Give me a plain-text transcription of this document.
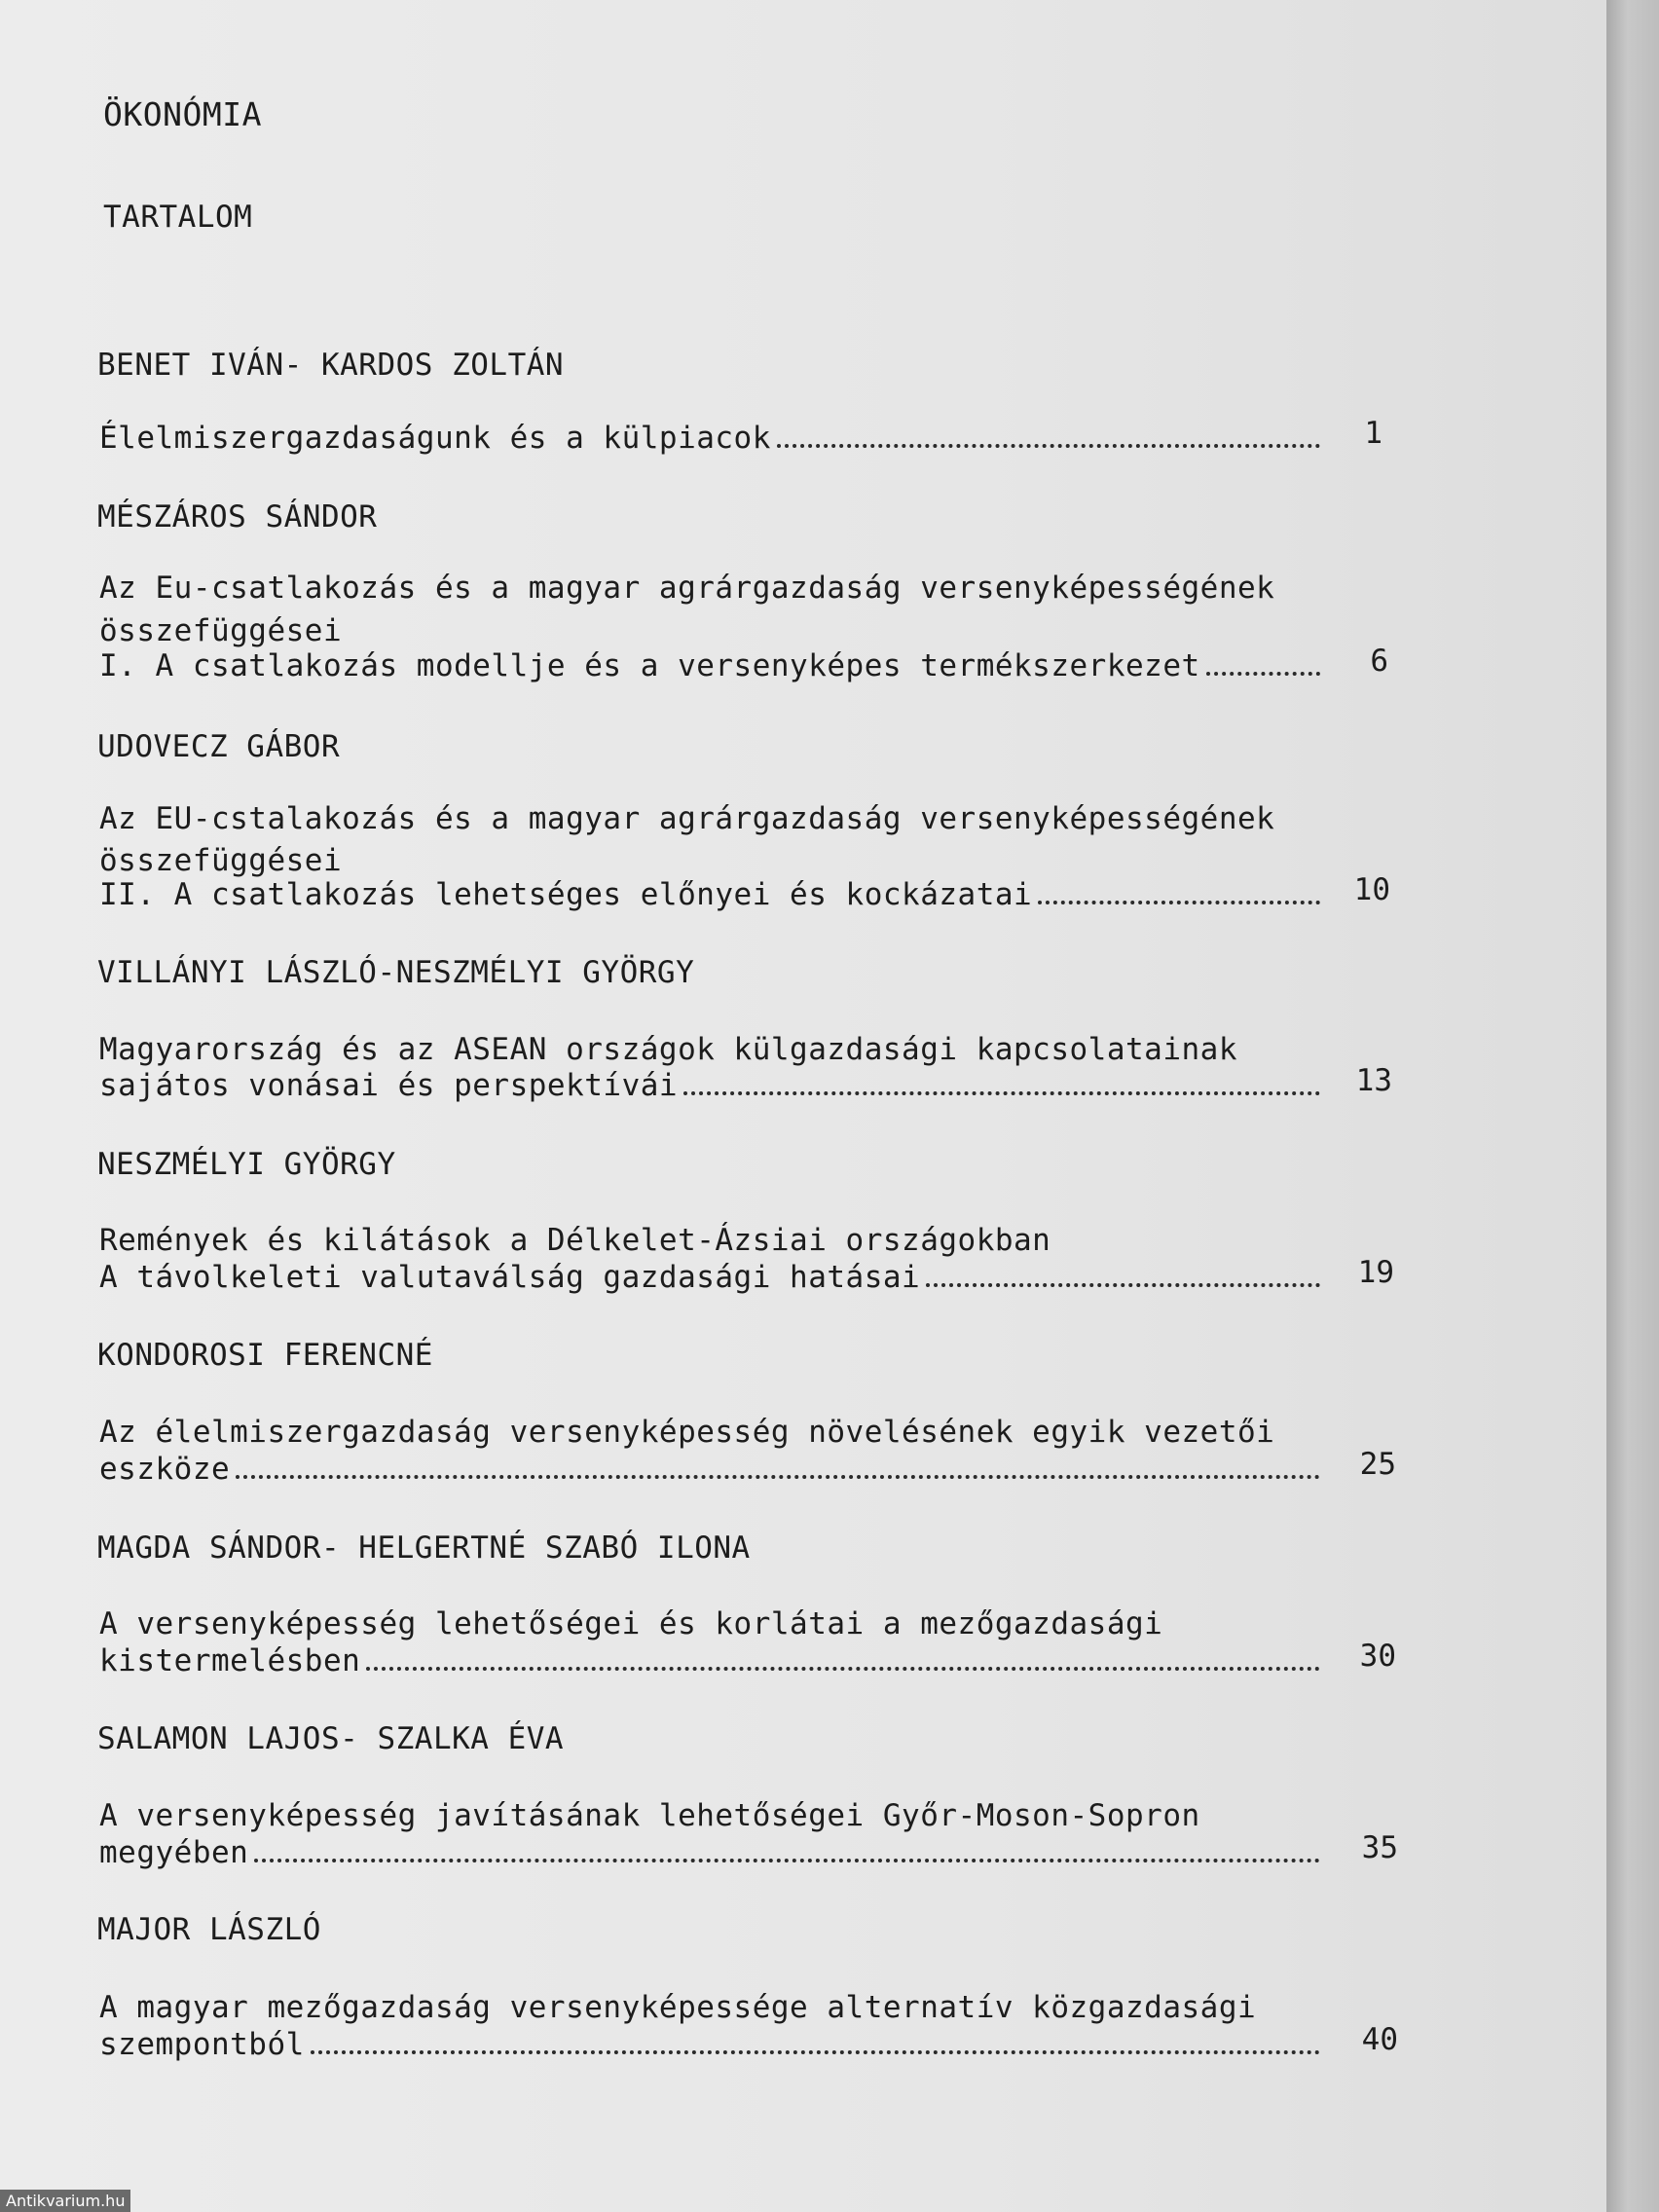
ÖKONÓMIA
TARTALOM
BENET IVÁN- KARDOS ZOLTÁN
Élelmiszergazdaságunk és a külpiacok	1
MÉSZÁROS SÁNDOR
Az Eu-csatlakozás és a magyar agrárgazdaság versenyképességének
összefüggései
I. A csatlakozás modellje és a versenyképes termékszerkezet	6
UDOVECZ GÁBOR
Az EU-cstalakozás és a magyar agrárgazdaság versenyképességének
összefüggései
II. A csatlakozás lehetséges előnyei és kockázatai	10
VILLÁNYI LÁSZLÓ-NESZMÉLYI GYÖRGY
Magyarország és az ASEAN országok külgazdasági kapcsolatainak
sajátos vonásai és perspektívái	13
NESZMÉLYI GYÖRGY
Remények és kilátások a Délkelet-Ázsiai országokban
A távolkeleti valutaválság gazdasági hatásai	19
KONDOROSI FERENCNÉ
Az élelmiszergazdaság versenyképesség növelésének egyik vezetői
eszköze	25
MAGDA SÁNDOR- HELGERTNÉ SZABÓ ILONA
A versenyképesség lehetőségei és korlátai a mezőgazdasági
kistermelésben	30
SALAMON LAJOS- SZALKA ÉVA
A versenyképesség javításának lehetőségei Győr-Moson-Sopron
megyében	35
MAJOR LÁSZLÓ
A magyar mezőgazdaság versenyképessége alternatív közgazdasági
szempontból	40
Antikvarium.hu
